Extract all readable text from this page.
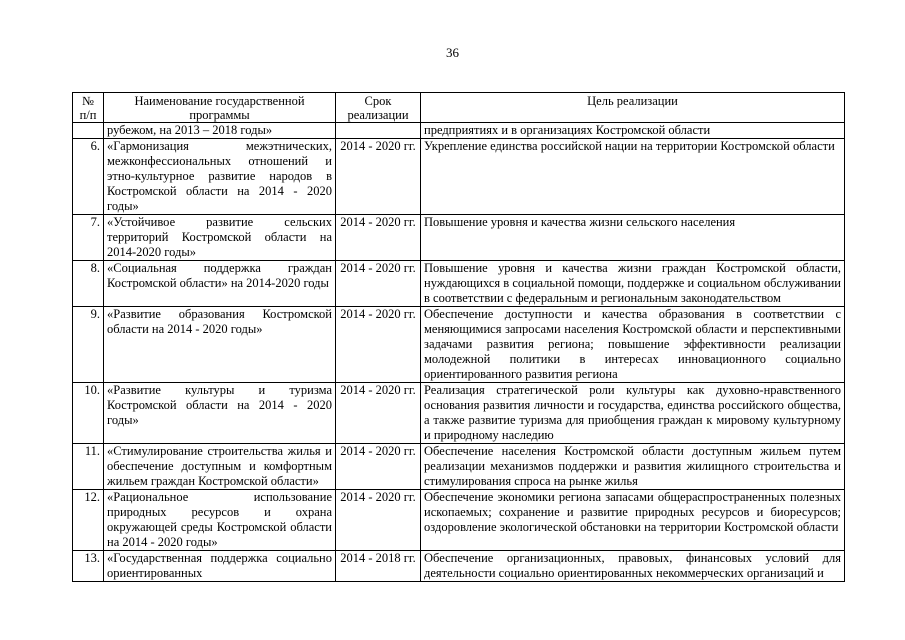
36
№ п/п	Наименование государственной программы	Срок реализации	Цель реализации
	рубежом, на 2013 – 2018 годы»		предприятиях и в организациях Костромской области
6.	«Гармонизация межэтнических, межконфессиональных отношений и этно-культурное развитие народов в Костромской области на 2014 - 2020 годы»	2014 - 2020 гг.	Укрепление единства российской нации на территории Костромской области
7.	«Устойчивое развитие сельских территорий Костромской области на 2014-2020 годы»	2014 - 2020 гг.	Повышение уровня и качества жизни сельского населения
8.	«Социальная поддержка граждан Костромской области» на 2014-2020 годы	2014 - 2020 гг.	Повышение уровня и качества жизни граждан Костромской области, нуждающихся в социальной помощи, поддержке и социальном обслуживании в соответствии с федеральным и региональным законодательством
9.	«Развитие образования Костромской области на 2014 - 2020 годы»	2014 - 2020 гг.	Обеспечение доступности и качества образования в соответствии с меняющимися запросами населения Костромской области и перспективными задачами развития региона; повышение эффективности реализации молодежной политики в интересах инновационного социально ориентированного развития региона
10.	«Развитие культуры и туризма Костромской области на 2014 - 2020 годы»	2014 - 2020 гг.	Реализация стратегической роли культуры как духовно-нравственного основания развития личности и государства, единства российского общества, а также развитие туризма для приобщения граждан к мировому культурному и природному наследию
11.	«Стимулирование строительства жилья и обеспечение доступным и комфортным жильем граждан Костромской области»	2014 - 2020 гг.	Обеспечение населения Костромской области доступным жильем путем реализации механизмов поддержки и развития жилищного строительства и стимулирования спроса на рынке жилья
12.	«Рациональное использование природных ресурсов и охрана окружающей среды Костромской области на 2014 - 2020 годы»	2014 - 2020 гг.	Обеспечение экономики региона запасами общераспространенных полезных ископаемых; сохранение и развитие природных ресурсов и биоресурсов; оздоровление экологической обстановки на территории Костромской области
13.	«Государственная поддержка социально ориентированных	2014 - 2018 гг.	Обеспечение организационных, правовых, финансовых условий для деятельности социально ориентированных некоммерческих организаций и
